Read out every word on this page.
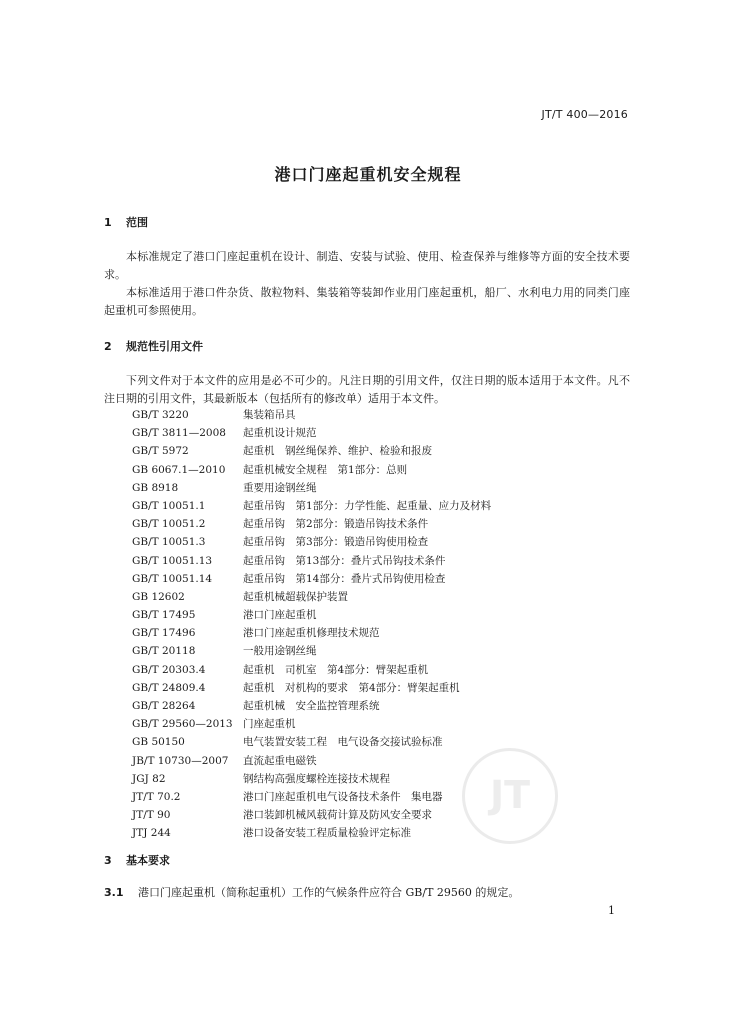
JT/T 400—2016
港口门座起重机安全规程
1 范围
本标准规定了港口门座起重机在设计、制造、安装与试验、使用、检查保养与维修等方面的安全技术要求。
本标准适用于港口件杂货、散粒物料、集装箱等装卸作业用门座起重机，船厂、水利电力用的同类门座起重机可参照使用。
2 规范性引用文件
下列文件对于本文件的应用是必不可少的。凡注日期的引用文件，仅注日期的版本适用于本文件。凡不注日期的引用文件，其最新版本（包括所有的修改单）适用于本文件。
GB/T 3220	集装箱吊具
GB/T 3811—2008 起重机设计规范
GB/T 5972	起重机　钢丝绳保养、维护、检验和报废
GB 6067.1—2010 起重机械安全规程　第1部分：总则
GB 8918	重要用途钢丝绳
GB/T 10051.1	起重吊钩　第1部分：力学性能、起重量、应力及材料
GB/T 10051.2	起重吊钩　第2部分：锻造吊钩技术条件
GB/T 10051.3	起重吊钩　第3部分：锻造吊钩使用检查
GB/T 10051.13	起重吊钩　第13部分：叠片式吊钩技术条件
GB/T 10051.14	起重吊钩　第14部分：叠片式吊钩使用检查
GB 12602	起重机械超载保护装置
GB/T 17495	港口门座起重机
GB/T 17496	港口门座起重机修理技术规范
GB/T 20118	一般用途钢丝绳
GB/T 20303.4	起重机　司机室　第4部分：臂架起重机
GB/T 24809.4	起重机　对机构的要求　第4部分：臂架起重机
GB/T 28264	起重机械　安全监控管理系统
GB/T 29560—2013 门座起重机
GB 50150	电气装置安装工程　电气设备交接试验标准
JB/T 10730—2007 直流起重电磁铁
JGJ 82	钢结构高强度螺栓连接技术规程
JT/T 70.2	港口门座起重机电气设备技术条件　集电器
JT/T 90	港口装卸机械风载荷计算及防风安全要求
JTJ 244	港口设备安装工程质量检验评定标准
JT
3 基本要求
3.1 港口门座起重机（简称起重机）工作的气候条件应符合 GB/T 29560 的规定。
1
